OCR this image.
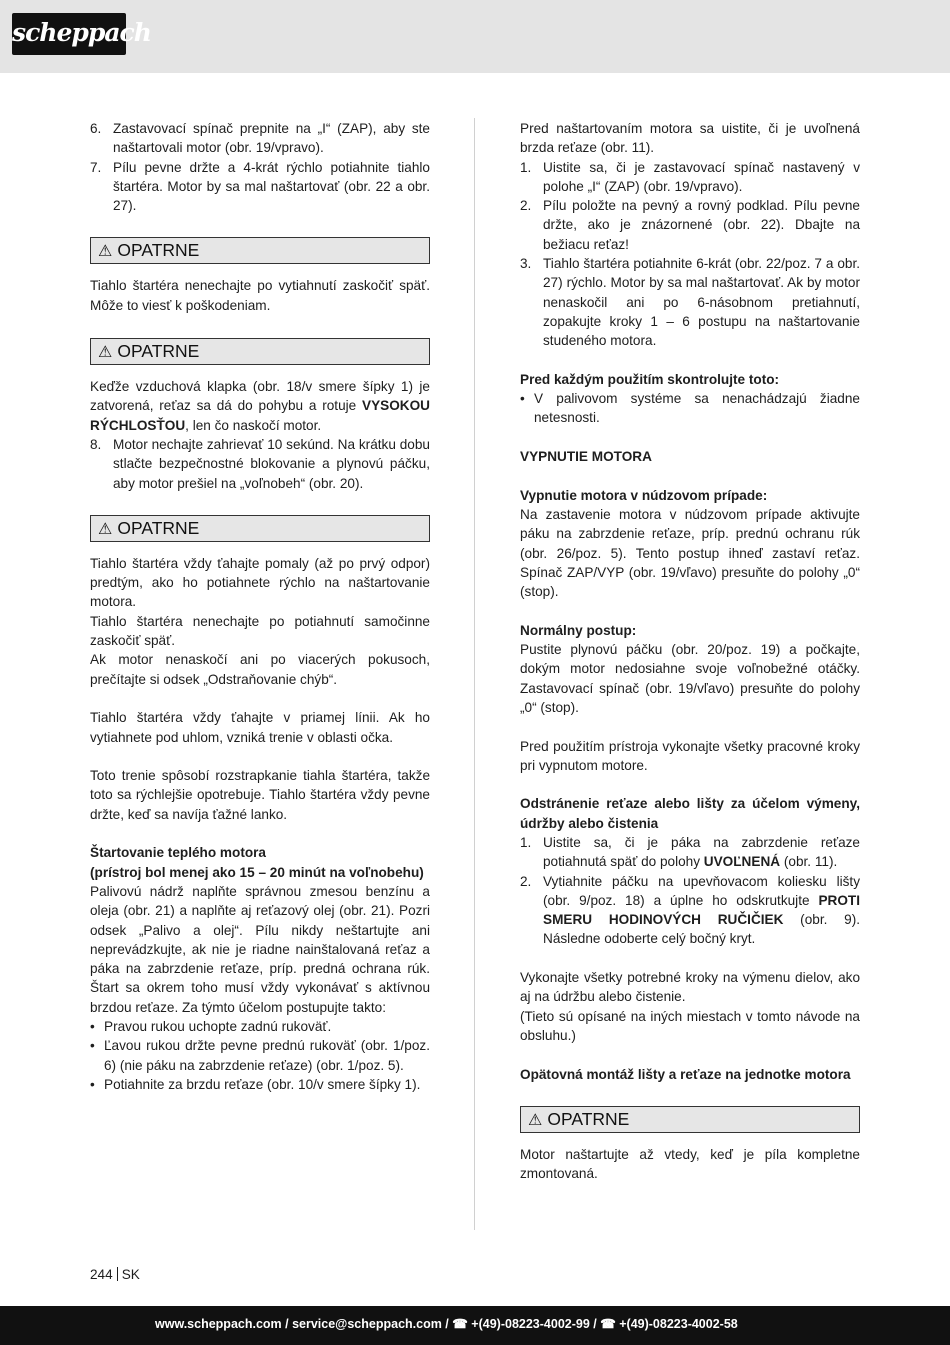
scheppach
6. Zastavovací spínač prepnite na „I“ (ZAP), aby ste naštartovali motor (obr. 19/vpravo).
7. Pílu pevne držte a 4-krát rýchlo potiahnite tiahlo štartéra. Motor by sa mal naštartovať (obr. 22 a obr. 27).
⚠ OPATRNE

Tiahlo štartéra nenechajte po vytiahnutí zaskočiť späť. Môže to viesť k poškodeniam.

⚠ OPATRNE

Keďže vzduchová klapka (obr. 18/v smere šípky 1) je zatvorená, reťaz sa dá do pohybu a rotuje VYSOKOU RÝCHLOSŤOU, len čo naskočí motor.

8. Motor nechajte zahrievať 10 sekúnd. Na krátku dobu stlačte bezpečnostné blokovanie a plynovú páčku, aby motor prešiel na „voľnobeh“ (obr. 20).
⚠ OPATRNE

Tiahlo štartéra vždy ťahajte pomaly (až po prvý odpor) predtým, ako ho potiahnete rýchlo na naštartovanie motora.

Tiahlo štartéra nenechajte po potiahnutí samočinne zaskočiť späť.

Ak motor nenaskočí ani po viacerých pokusoch, prečítajte si odsek „Odstraňovanie chýb“.

Tiahlo štartéra vždy ťahajte v priamej línii. Ak ho vytiahnete pod uhlom, vzniká trenie v oblasti očka.

Toto trenie spôsobí rozstrapkanie tiahla štartéra, takže toto sa rýchlejšie opotrebuje. Tiahlo štartéra vždy pevne držte, keď sa navíja ťažné lanko.

Štartovanie teplého motora

(prístroj bol menej ako 15 – 20 minút na voľnobehu)

Palivovú nádrž naplňte správnou zmesou benzínu a oleja (obr. 21) a naplňte aj reťazový olej (obr. 21). Pozri odsek „Palivo a olej“. Pílu nikdy neštartujte ani neprevádzkujte, ak nie je riadne nainštalovaná reťaz a páka na zabrzdenie reťaze, príp. predná ochrana rúk. Štart sa okrem toho musí vždy vykonávať s aktívnou brzdou reťaze. Za týmto účelom postupujte takto:

• Pravou rukou uchopte zadnú rukoväť.
• Ľavou rukou držte pevne prednú rukoväť (obr. 1/poz. 6) (nie páku na zabrzdenie reťaze) (obr. 1/poz. 5).
• Potiahnite za brzdu reťaze (obr. 10/v smere šípky 1).

Pred naštartovaním motora sa uistite, či je uvoľnená brzda reťaze (obr. 11).

1. Uistite sa, či je zastavovací spínač nastavený v polohe „I“ (ZAP) (obr. 19/vpravo).
2. Pílu položte na pevný a rovný podklad. Pílu pevne držte, ako je znázornené (obr. 22). Dbajte na bežiacu reťaz!
3. Tiahlo štartéra potiahnite 6-krát (obr. 22/poz. 7 a obr. 27) rýchlo. Motor by sa mal naštartovať. Ak by motor nenaskočil ani po 6-násobnom pretiahnutí, zopakujte kroky 1 – 6 postupu na naštartovanie studeného motora.

Pred každým použitím skontrolujte toto:

• V palivovom systéme sa nenachádzajú žiadne netesnosti.

VYPNUTIE MOTORA

Vypnutie motora v núdzovom prípade:

Na zastavenie motora v núdzovom prípade aktivujte páku na zabrzdenie reťaze, príp. prednú ochranu rúk (obr. 26/poz. 5). Tento postup ihneď zastaví reťaz. Spínač ZAP/VYP (obr. 19/vľavo) presuňte do polohy „0“ (stop).

Normálny postup:

Pustite plynovú páčku (obr. 20/poz. 19) a počkajte, dokým motor nedosiahne svoje voľnobežné otáčky. Zastavovací spínač (obr. 19/vľavo) presuňte do polohy „0“ (stop).

Pred použitím prístroja vykonajte všetky pracovné kroky pri vypnutom motore.

Odstránenie reťaze alebo lišty za účelom výmeny, údržby alebo čistenia

1. Uistite sa, či je páka na zabrzdenie reťaze potiahnutá späť do polohy UVOĽNENÁ (obr. 11).
2. Vytiahnite páčku na upevňovacom koliesku lišty (obr. 9/poz. 18) a úplne ho odskrutkujte PROTI SMERU HODINOVÝCH RUČIČIEK (obr. 9). Následne odoberte celý bočný kryt.

Vykonajte všetky potrebné kroky na výmenu dielov, ako aj na údržbu alebo čistenie.

(Tieto sú opísané na iných miestach v tomto návode na obsluhu.)

Opätovná montáž lišty a reťaze na jednotke motora

⚠ OPATRNE

Motor naštartujte až vtedy, keď je píla kompletne zmontovaná.

244 SK
www.scheppach.com / service@scheppach.com / ☎ +(49)-08223-4002-99 / ☎ +(49)-08223-4002-58
